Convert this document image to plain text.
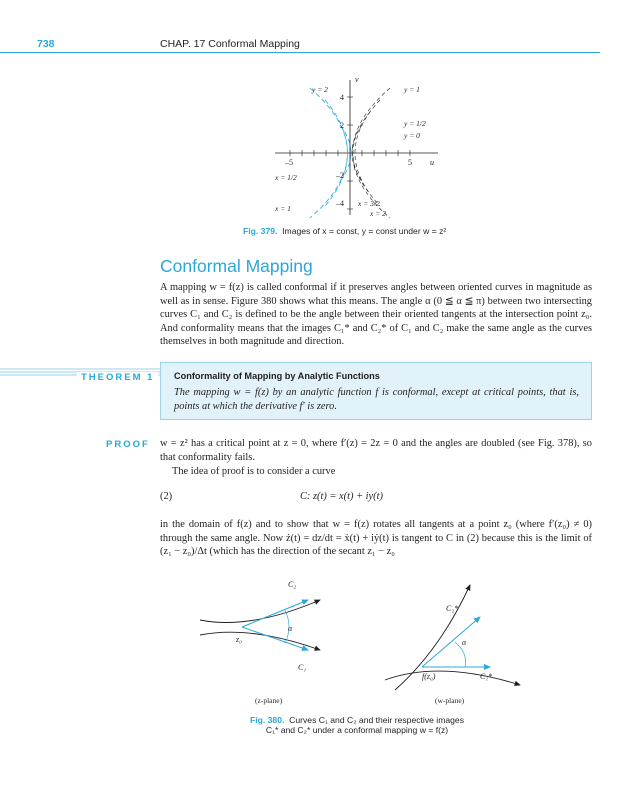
738	CHAP. 17 Conformal Mapping
v
u
4
2
–5	5
–2
–4
y = 2	y = 1
y = 1/2
y = 0
x = 1/2
x = 1
x = 3/2
x = 2
Fig. 379. Images of x = const, y = const under w = z²
Conformal Mapping
A mapping w = f(z) is called conformal if it preserves angles between oriented curves in magnitude as well as in sense. Figure 380 shows what this means. The angle α (0 ≦ α ≦ π) between two intersecting curves C₁ and C₂ is defined to be the angle between their oriented tangents at the intersection point z₀. And conformality means that the images C₁* and C₂* of C₁ and C₂ make the same angle as the curves themselves in both magnitude and direction.
THEOREM 1	Conformality of Mapping by Analytic Functions
The mapping w = f(z) by an analytic function f is conformal, except at critical points, that is, points at which the derivative f′ is zero.
PROOF w = z² has a critical point at z = 0, where f′(z) = 2z = 0 and the angles are doubled (see Fig. 378), so that conformality fails.
The idea of proof is to consider a curve
(2)	C: z(t) = x(t) + iy(t)
in the domain of f(z) and to show that w = f(z) rotates all tangents at a point z₀ (where f′(z₀) ≠ 0) through the same angle. Now ż(t) = dz/dt = ẋ(t) + iẏ(t) is tangent to C in (2) because this is the limit of (z₁ − z₀)/Δt (which has the direction of the secant z₁ − z₀
C₂
α
z₀
C₁
C₂*
α
f(z₀)	C₁*
(z-plane)	(w-plane)
Fig. 380. Curves C₁ and C₂ and their respective images
C₁* and C₂* under a conformal mapping w = f(z)
